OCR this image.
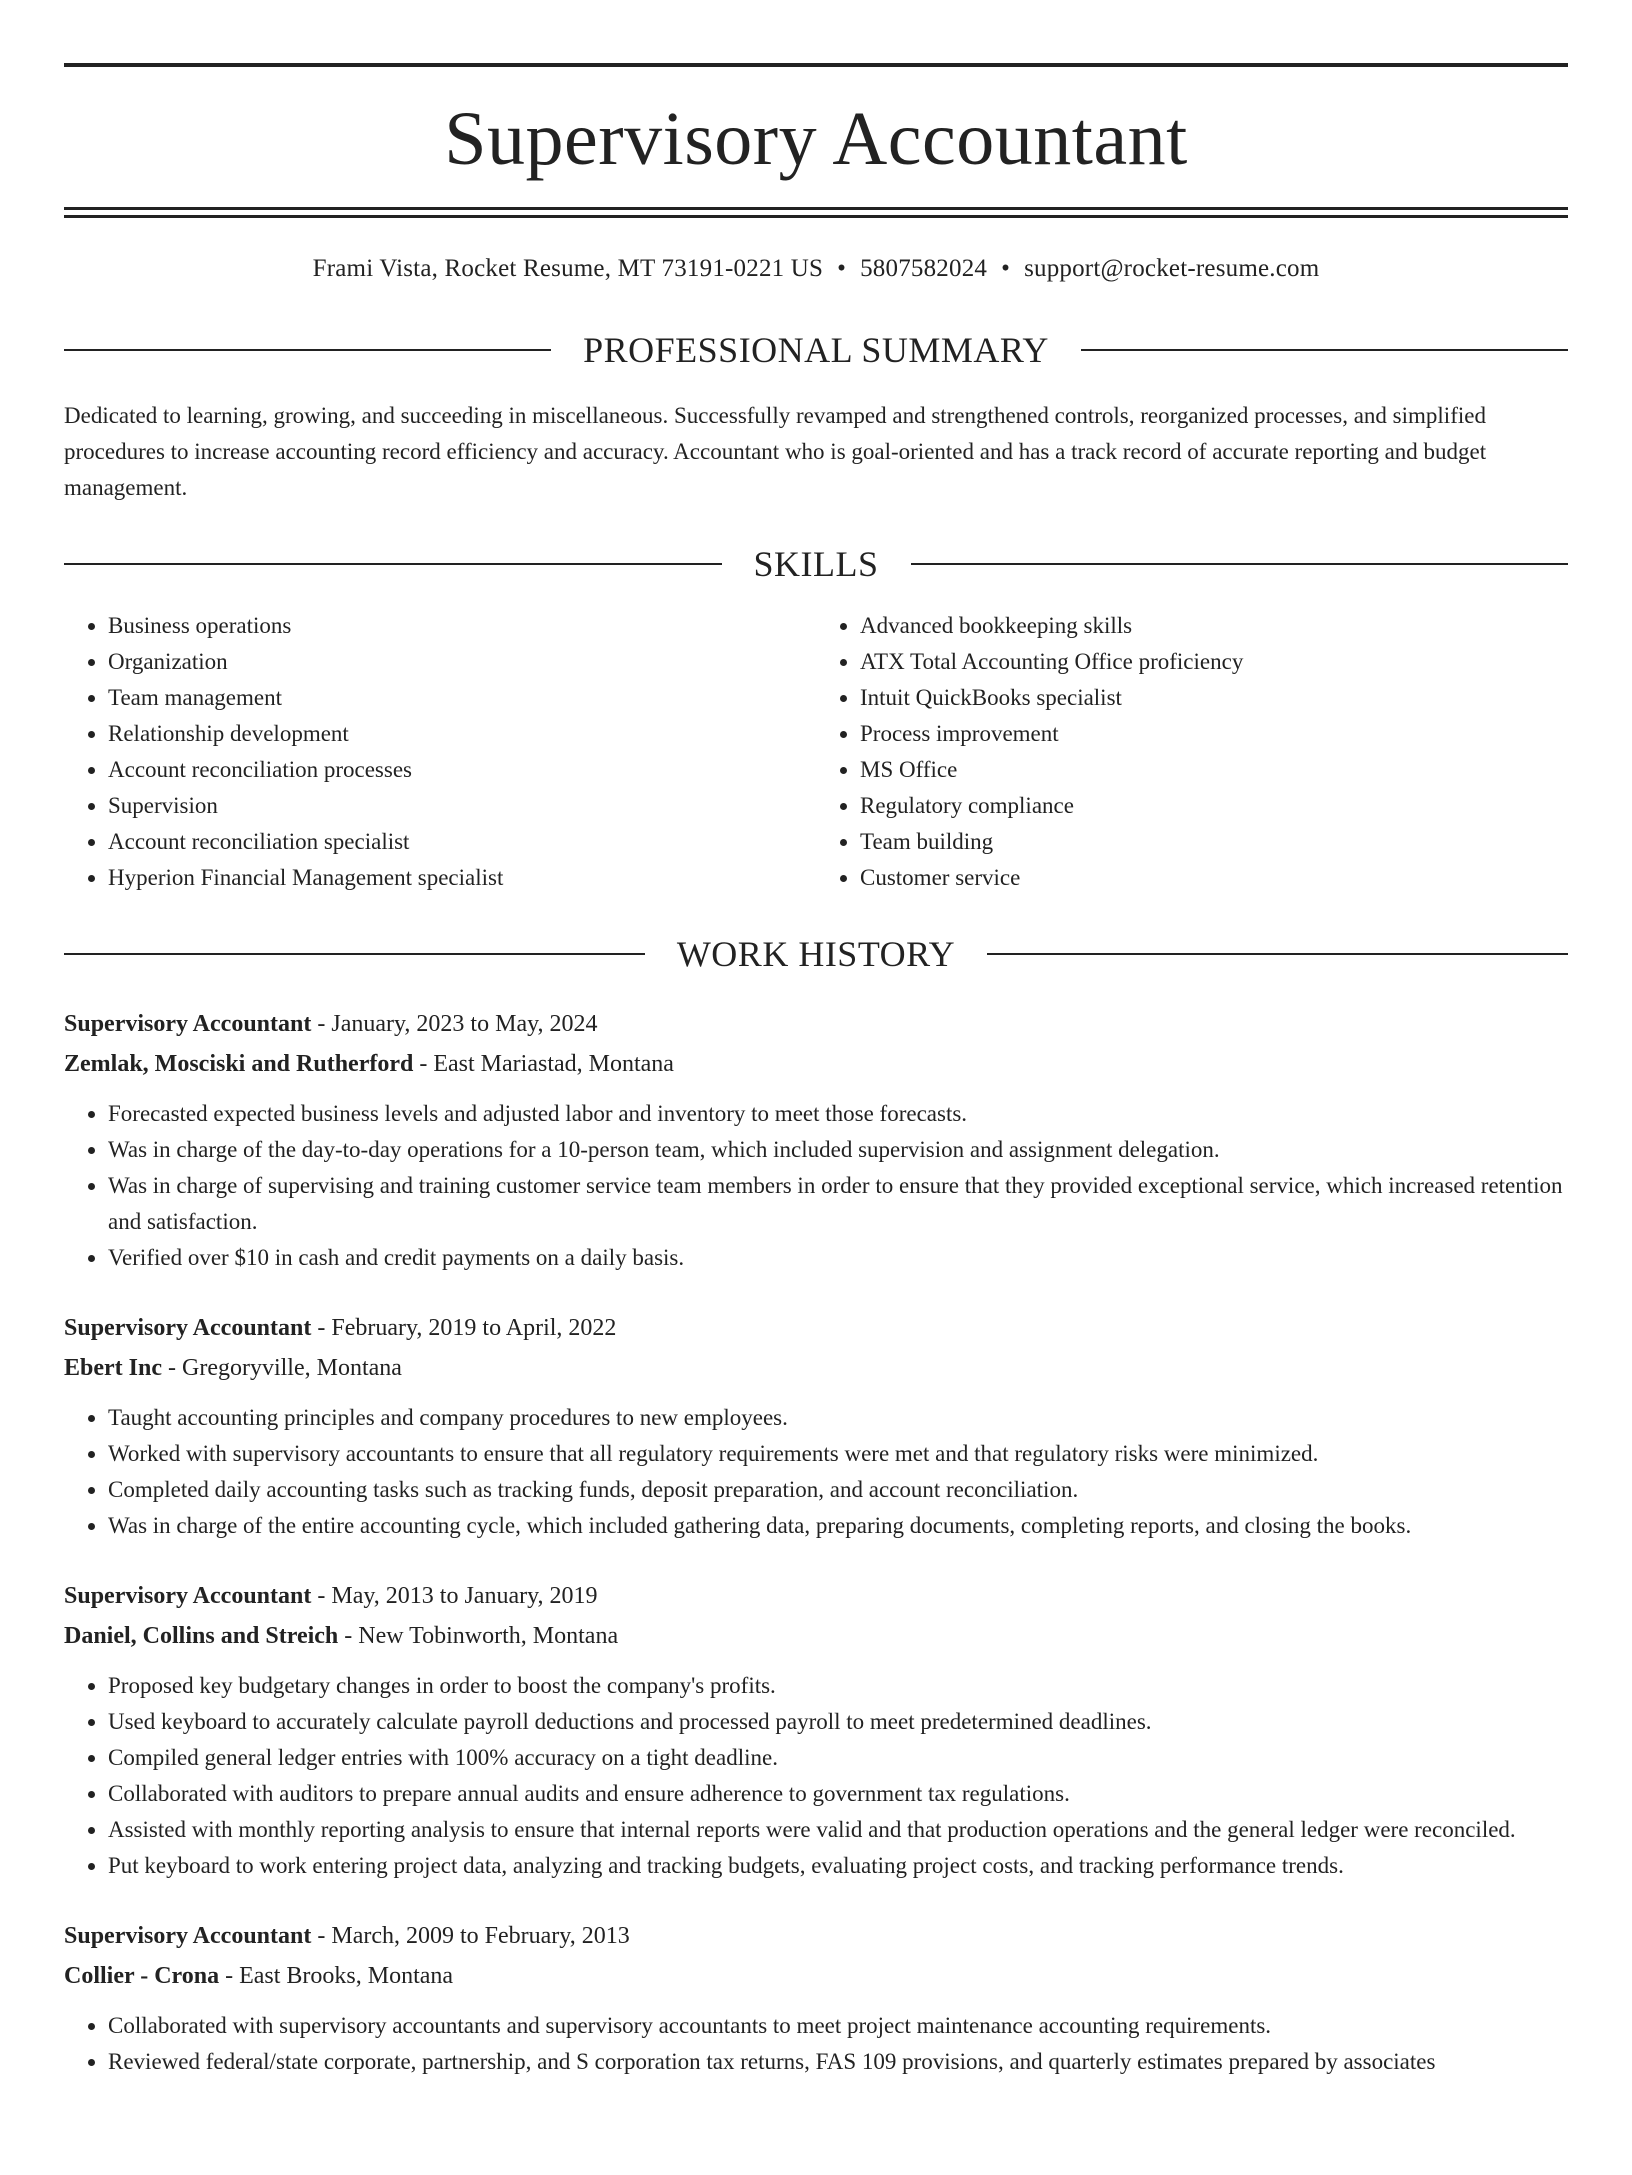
Supervisory Accountant
Frami Vista, Rocket Resume, MT 73191-0221 US • 5807582024 • support@rocket-resume.com
PROFESSIONAL SUMMARY

Dedicated to learning, growing, and succeeding in miscellaneous. Successfully revamped and strengthened controls, reorganized processes, and simplified procedures to increase accounting record efficiency and accuracy. Accountant who is goal-oriented and has a track record of accurate reporting and budget management.

SKILLS
• Business operations
• Organization
• Team management
• Relationship development
• Account reconciliation processes
• Supervision
• Account reconciliation specialist
• Hyperion Financial Management specialist
• Advanced bookkeeping skills
• ATX Total Accounting Office proficiency
• Intuit QuickBooks specialist
• Process improvement
• MS Office
• Regulatory compliance
• Team building
• Customer service
WORK HISTORY
Supervisory Accountant - January, 2023 to May, 2024
Zemlak, Mosciski and Rutherford - East Mariastad, Montana
• Forecasted expected business levels and adjusted labor and inventory to meet those forecasts.
• Was in charge of the day-to-day operations for a 10-person team, which included supervision and assignment delegation.
• Was in charge of supervising and training customer service team members in order to ensure that they provided exceptional service, which increased retention and satisfaction.
• Verified over $10 in cash and credit payments on a daily basis.
Supervisory Accountant - February, 2019 to April, 2022
Ebert Inc - Gregoryville, Montana
• Taught accounting principles and company procedures to new employees.
• Worked with supervisory accountants to ensure that all regulatory requirements were met and that regulatory risks were minimized.
• Completed daily accounting tasks such as tracking funds, deposit preparation, and account reconciliation.
• Was in charge of the entire accounting cycle, which included gathering data, preparing documents, completing reports, and closing the books.
Supervisory Accountant - May, 2013 to January, 2019
Daniel, Collins and Streich - New Tobinworth, Montana
• Proposed key budgetary changes in order to boost the company's profits.
• Used keyboard to accurately calculate payroll deductions and processed payroll to meet predetermined deadlines.
• Compiled general ledger entries with 100% accuracy on a tight deadline.
• Collaborated with auditors to prepare annual audits and ensure adherence to government tax regulations.
• Assisted with monthly reporting analysis to ensure that internal reports were valid and that production operations and the general ledger were reconciled.
• Put keyboard to work entering project data, analyzing and tracking budgets, evaluating project costs, and tracking performance trends.
Supervisory Accountant - March, 2009 to February, 2013
Collier - Crona - East Brooks, Montana
• Collaborated with supervisory accountants and supervisory accountants to meet project maintenance accounting requirements.
• Reviewed federal/state corporate, partnership, and S corporation tax returns, FAS 109 provisions, and quarterly estimates prepared by associates
